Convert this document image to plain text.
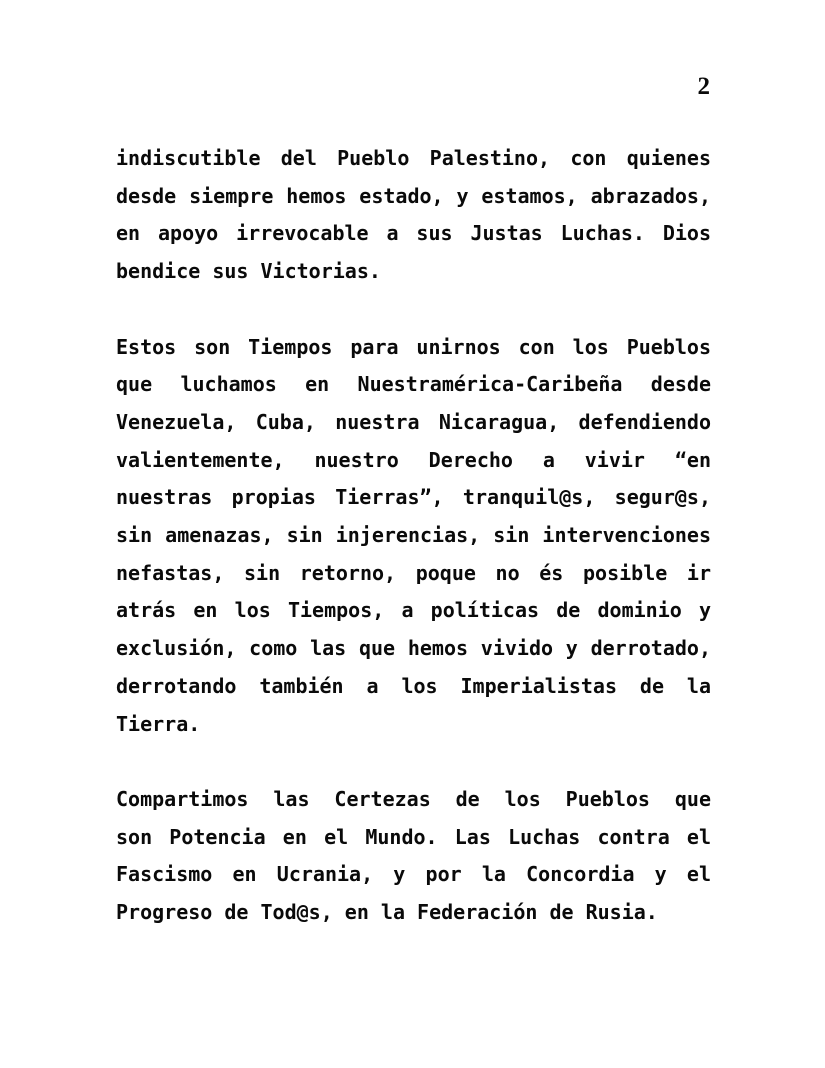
2
indiscutible del Pueblo Palestino, con quienes
desde siempre hemos estado, y estamos, abrazados,
en apoyo irrevocable a sus Justas Luchas. Dios
bendice sus Victorias.
Estos son Tiempos para unirnos con los Pueblos
que luchamos en Nuestramérica-Caribeña desde
Venezuela, Cuba, nuestra Nicaragua, defendiendo
valientemente, nuestro Derecho a vivir “en
nuestras propias Tierras”, tranquil@s, segur@s,
sin amenazas, sin injerencias, sin intervenciones
nefastas, sin retorno, poque no és posible ir
atrás en los Tiempos, a políticas de dominio y
exclusión, como las que hemos vivido y derrotado,
derrotando también a los Imperialistas de la
Tierra.
Compartimos las Certezas de los Pueblos que
son Potencia en el Mundo. Las Luchas contra el
Fascismo en Ucrania, y por la Concordia y el
Progreso de Tod@s, en la Federación de Rusia.
